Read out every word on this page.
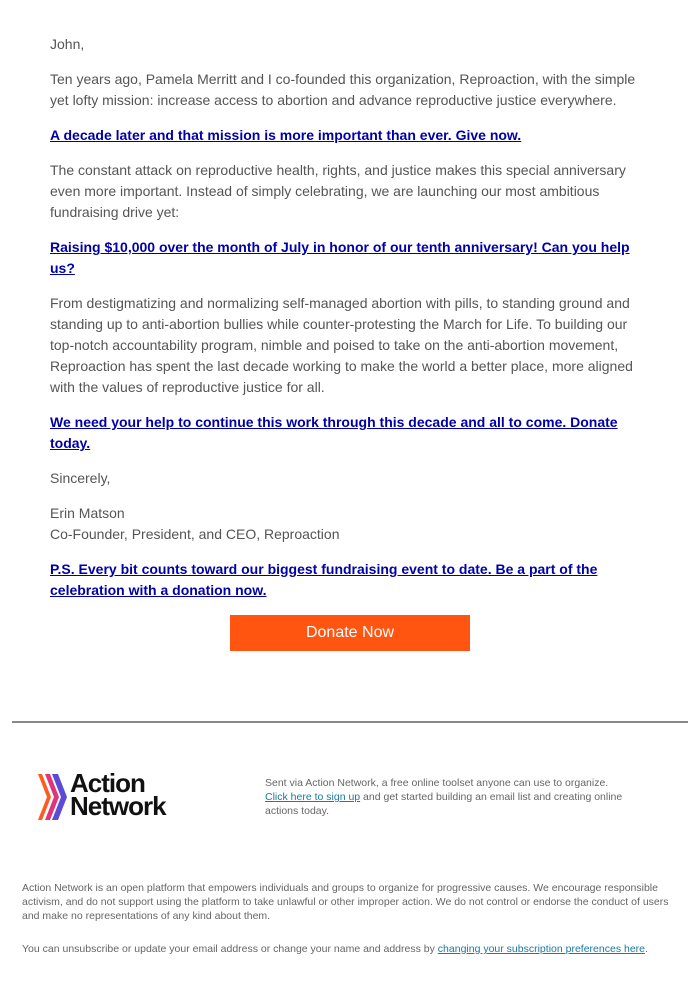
John,

Ten years ago, Pamela Merritt and I co-founded this organization, Reproaction, with the simple yet lofty mission: increase access to abortion and advance reproductive justice everywhere.

A decade later and that mission is more important than ever. Give now.

The constant attack on reproductive health, rights, and justice makes this special anniversary even more important. Instead of simply celebrating, we are launching our most ambitious fundraising drive yet:

Raising $10,000 over the month of July in honor of our tenth anniversary! Can you help us?

From destigmatizing and normalizing self-managed abortion with pills, to standing ground and standing up to anti-abortion bullies while counter-protesting the March for Life. To building our top-notch accountability program, nimble and poised to take on the anti-abortion movement, Reproaction has spent the last decade working to make the world a better place, more aligned with the values of reproductive justice for all.

We need your help to continue this work through this decade and all to come. Donate today.

Sincerely,

Erin Matson
Co-Founder, President, and CEO, Reproaction

P.S. Every bit counts toward our biggest fundraising event to date. Be a part of the celebration with a donation now.

Donate Now
Action
Network
Sent via Action Network, a free online toolset anyone can use to organize.
Click here to sign up and get started building an email list and creating online actions today.

Action Network is an open platform that empowers individuals and groups to organize for progressive causes. We encourage responsible activism, and do not support using the platform to take unlawful or other improper action. We do not control or endorse the conduct of users and make no representations of any kind about them.

You can unsubscribe or update your email address or change your name and address by changing your subscription preferences here.
